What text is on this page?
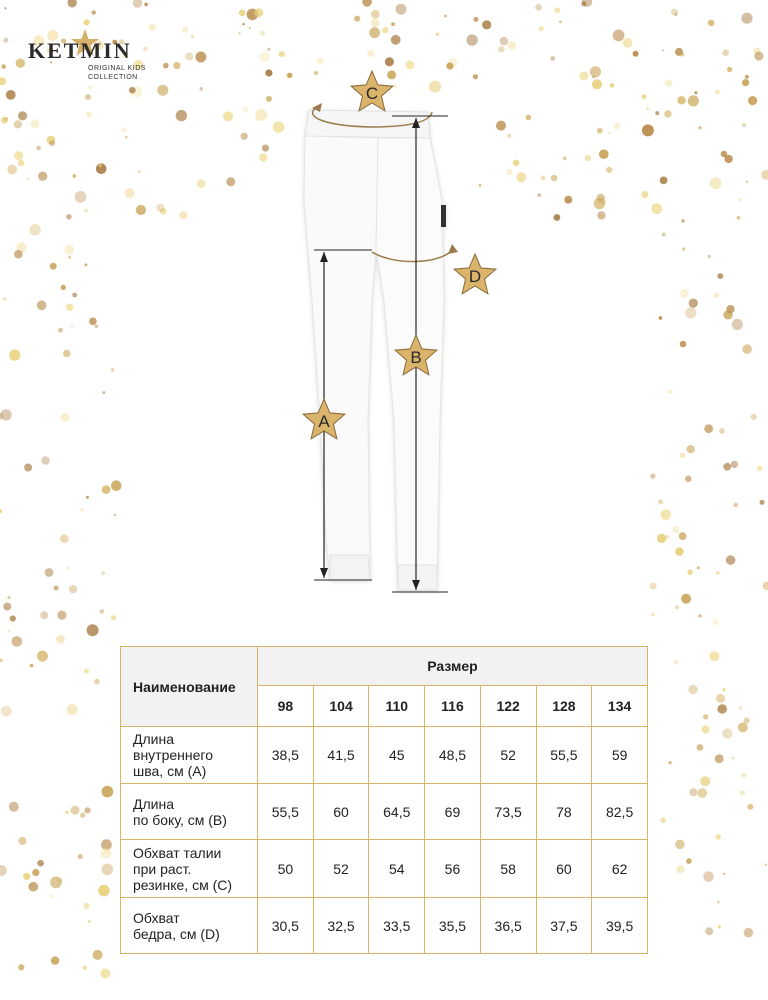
KETMIN
ORIGINAL KIDS
COLLECTION
C
D
B
A
Наименование	Размер						
	98	104	110	116	122	128	134

Длина
внутреннего
шва, см (А)	38,5	41,5	45	48,5	52	55,5	59

Длина
по боку, см (В)	55,5	60	64,5	69	73,5	78	82,5

Обхват талии
при раст.
резинке, см (С)	50	52	54	56	58	60	62

Обхват
бедра, см (D)	30,5	32,5	33,5	35,5	36,5	37,5	39,5
